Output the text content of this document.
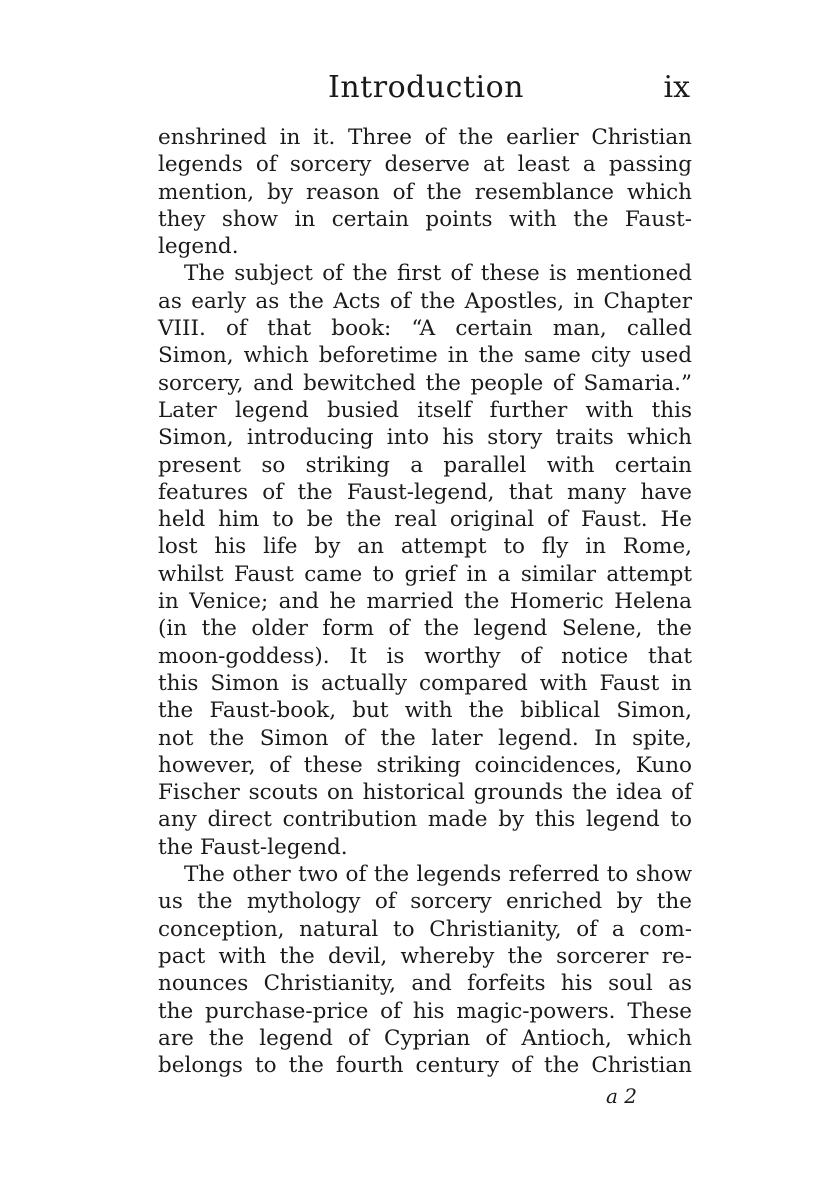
Introduction	ix
enshrined in it. Three of the earlier Christian
legends of sorcery deserve at least a passing
mention, by reason of the resemblance which
they show in certain points with the Faust-
legend.
The subject of the first of these is mentioned
as early as the Acts of the Apostles, in Chapter
VIII. of that book: “A certain man, called
Simon, which beforetime in the same city used
sorcery, and bewitched the people of Samaria.”
Later legend busied itself further with this
Simon, introducing into his story traits which
present so striking a parallel with certain
features of the Faust-legend, that many have
held him to be the real original of Faust. He
lost his life by an attempt to fly in Rome,
whilst Faust came to grief in a similar attempt
in Venice; and he married the Homeric Helena
(in the older form of the legend Selene, the
moon-goddess). It is worthy of notice that
this Simon is actually compared with Faust in
the Faust-book, but with the biblical Simon,
not the Simon of the later legend. In spite,
however, of these striking coincidences, Kuno
Fischer scouts on historical grounds the idea of
any direct contribution made by this legend to
the Faust-legend.
The other two of the legends referred to show
us the mythology of sorcery enriched by the
conception, natural to Christianity, of a com-
pact with the devil, whereby the sorcerer re-
nounces Christianity, and forfeits his soul as
the purchase-price of his magic-powers. These
are the legend of Cyprian of Antioch, which
belongs to the fourth century of the Christian
a 2
